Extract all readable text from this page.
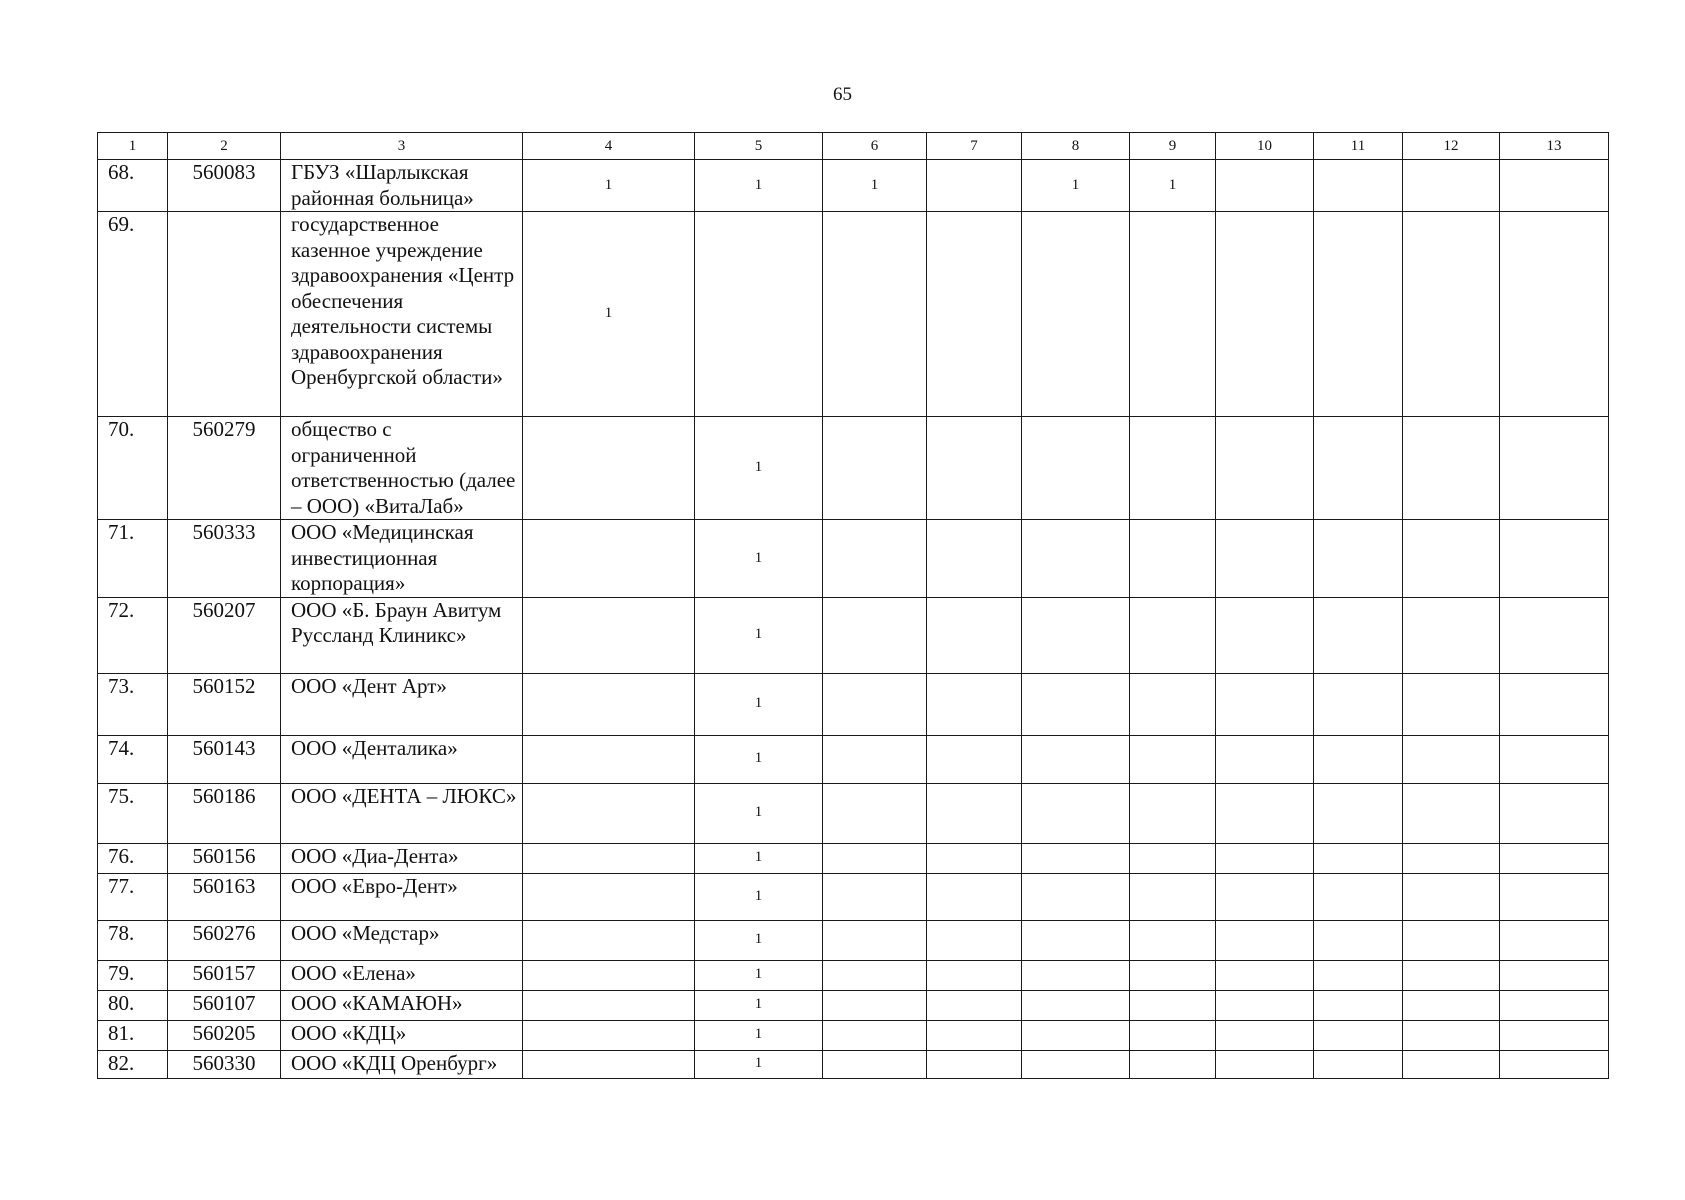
65
1	2	3	4	5	6	7	8	9	10	11	12	13
68.	560083	ГБУЗ «Шарлыкская районная больница»	1	1	1		1	1				
69.		государственное казенное учреждение здравоохранения «Центр обеспечения деятельности системы здравоохранения Оренбургской области»	1									
70.	560279	общество с ограниченной ответственностью (далее – ООО) «ВитаЛаб»		1								
71.	560333	ООО «Медицинская инвестиционная корпорация»		1								
72.	560207	ООО «Б. Браун Авитум Руссланд Клиникс»		1								
73.	560152	ООО «Дент Арт»		1								
74.	560143	ООО «Денталика»		1								
75.	560186	ООО «ДЕНТА – ЛЮКС»		1								
76.	560156	ООО «Диа-Дента»		1								
77.	560163	ООО «Евро-Дент»		1								
78.	560276	ООО «Медстар»		1								
79.	560157	ООО «Елена»		1								
80.	560107	ООО «КАМАЮН»		1								
81.	560205	ООО «КДЦ»		1								
82.	560330	ООО «КДЦ Оренбург»		1								
